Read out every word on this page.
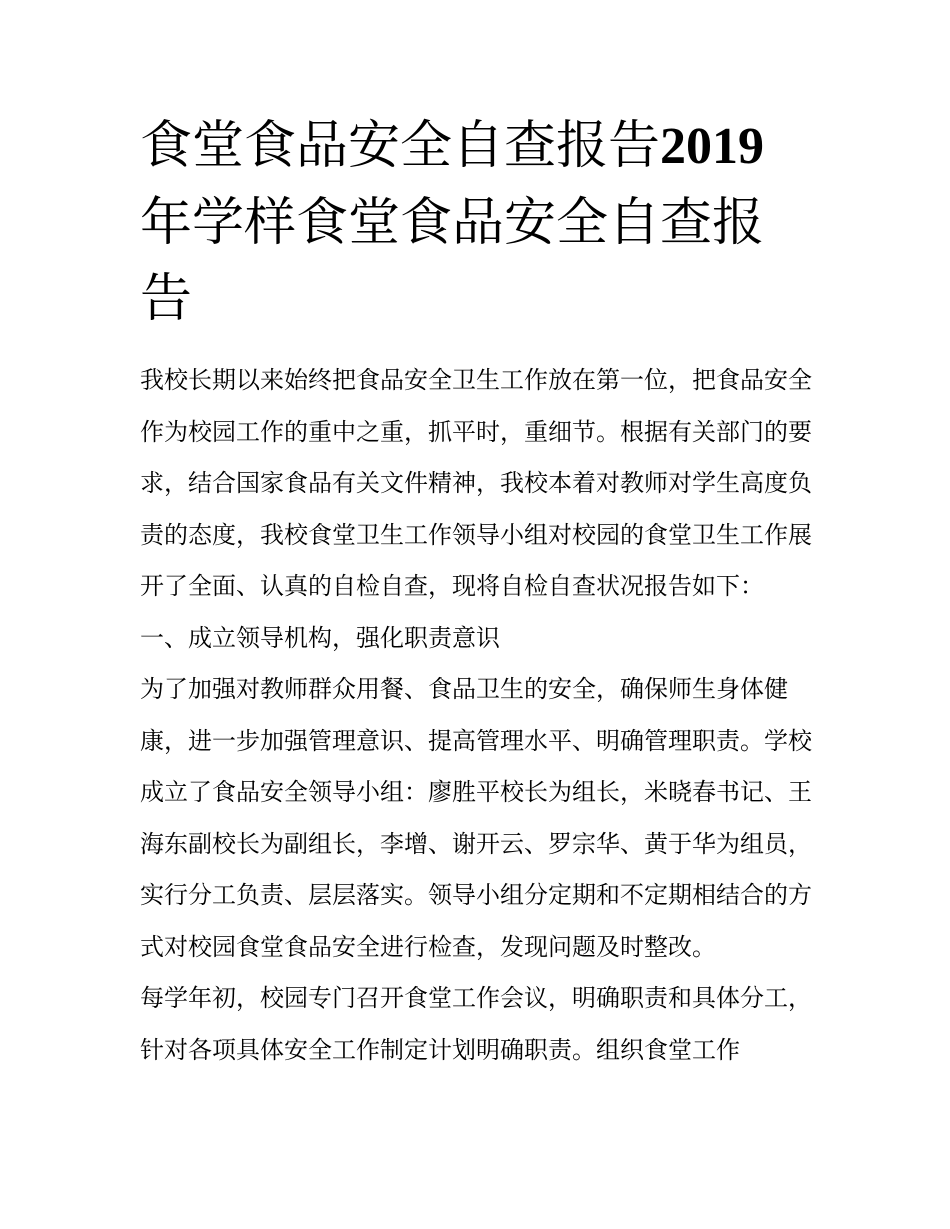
食堂食品安全自查报告2019年学样食堂食品安全自查报告

我校长期以来始终把食品安全卫生工作放在第一位，把食品安全作为校园工作的重中之重，抓平时，重细节。根据有关部门的要求，结合国家食品有关文件精神，我校本着对教师对学生高度负责的态度，我校食堂卫生工作领导小组对校园的食堂卫生工作展开了全面、认真的自检自查，现将自检自查状况报告如下：

一、成立领导机构，强化职责意识

为了加强对教师群众用餐、食品卫生的安全，确保师生身体健康，进一步加强管理意识、提高管理水平、明确管理职责。学校成立了食品安全领导小组：廖胜平校长为组长，米晓春书记、王海东副校长为副组长，李增、谢开云、罗宗华、黄于华为组员，实行分工负责、层层落实。领导小组分定期和不定期相结合的方式对校园食堂食品安全进行检查，发现问题及时整改。

每学年初，校园专门召开食堂工作会议，明确职责和具体分工，针对各项具体安全工作制定计划明确职责。组织食堂工作
